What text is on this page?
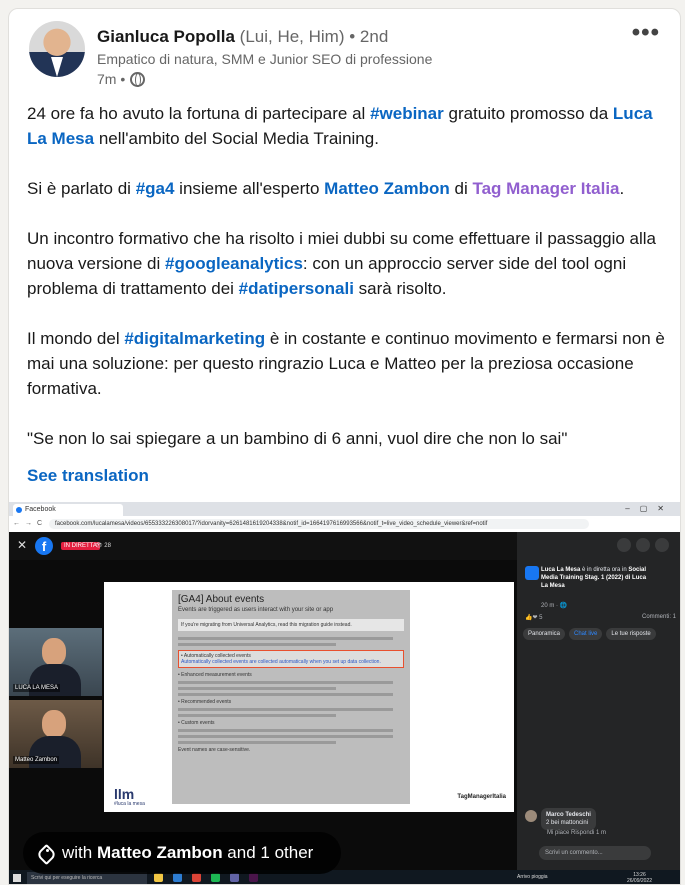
Gianluca Popolla (Lui, He, Him) • 2nd
Empatico di natura, SMM e Junior SEO di professione
7m •
•••

24 ore fa ho avuto la fortuna di partecipare al #webinar gratuito promosso da Luca La Mesa nell'ambito del Social Media Training.

Si è parlato di #ga4 insieme all'esperto Matteo Zambon di Tag Manager Italia.

Un incontro formativo che ha risolto i miei dubbi su come effettuare il passaggio alla nuova versione di #googleanalytics: con un approccio server side del tool ogni problema di trattamento dei #datipersonali sarà risolto.

Il mondo del #digitalmarketing è in costante e continuo movimento e fermarsi non è mai una soluzione: per questo ringrazio Luca e Matteo per la preziosa occasione formativa.

"Se non lo sai spiegare a un bambino di 6 anni, vuol dire che non lo sai"

See translation
Facebook	–▢✕
←→C	facebook.com/lucalamesa/videos/655333226308017/?idorvanity=6261481619204338&notif_id=1664197616993566&notif_t=live_video_schedule_viewer&ref=notif
✕	f	IN DIRETTA
👁 28
LUCA LA MESA
Matteo Zambon
[GA4] About events
Events are triggered as users interact with your site or app
If you're migrating from Universal Analytics, read this migration guide instead.
• Automatically collected events
Automatically collected events are collected automatically when you set up data collection.
• Enhanced measurement events
• Recommended events
• Custom events
Event names are case-sensitive.
llm
#luca la mesa
TagManagerItalia
Luca La Mesa è in diretta ora in Social Media Training Stag. 1 (2022) di Luca La Mesa
20 m · 🌐
👍❤ 5	Commenti: 1
Panoramica	Chat live	Le tue risposte
Marco Tedeschi
2 bei mattoncini
Mi piace Rispondi 1 m
Scrivi un commento...
Scrivi qui per eseguire la ricerca	Arrivo pioggia	13:26
26/09/2022
with Matteo Zambon and 1 other
